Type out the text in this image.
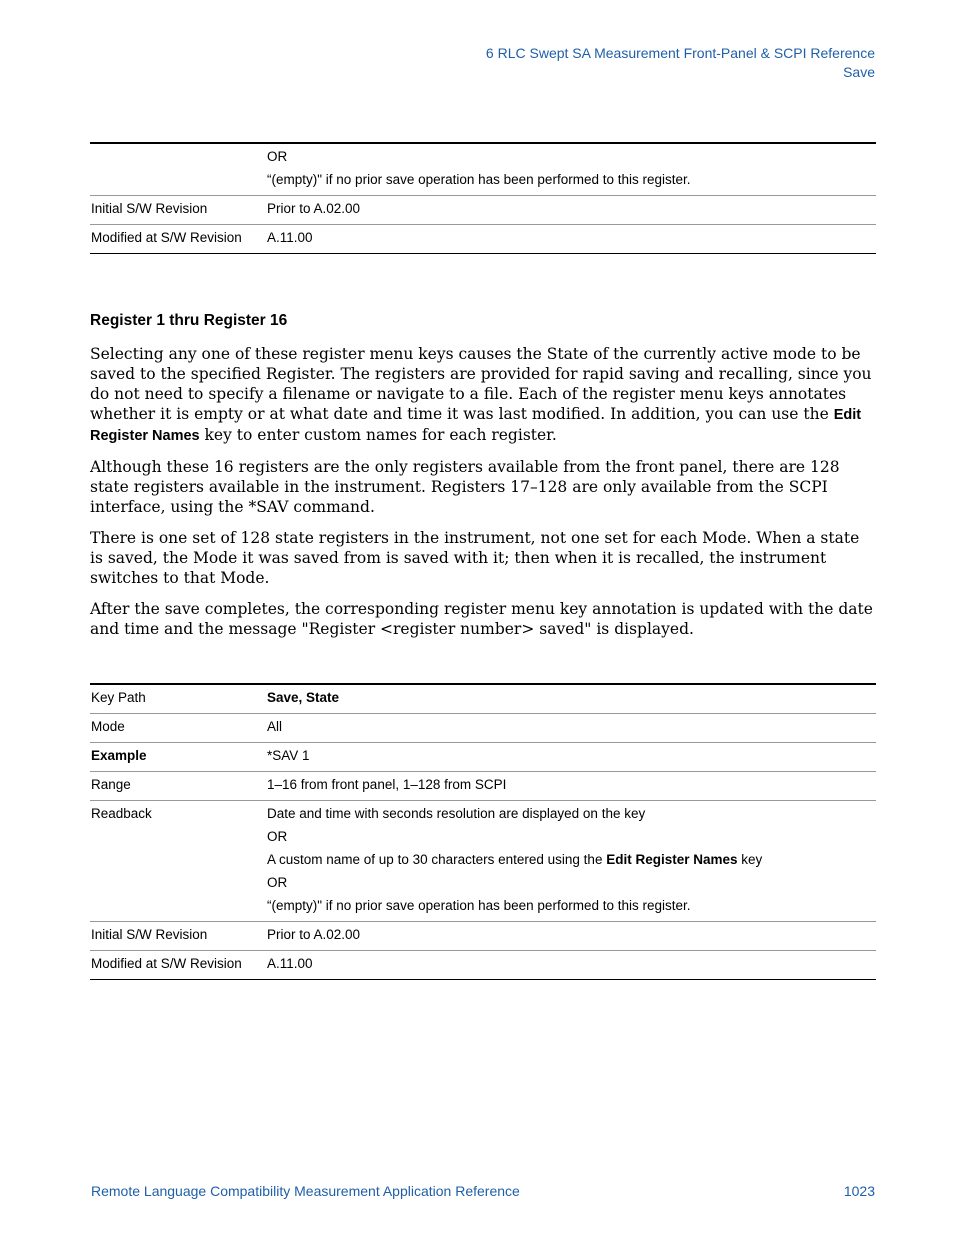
6 RLC Swept SA Measurement Front-Panel & SCPI Reference
Save
	OR
“(empty)" if no prior save operation has been performed to this register.

Initial S/W Revision	Prior to A.02.00
Modified at S/W Revision	A.11.00
Register 1 thru Register 16

Selecting any one of these register menu keys causes the State of the currently active mode to be saved to the specified Register. The registers are provided for rapid saving and recalling, since you do not need to specify a filename or navigate to a file. Each of the register menu keys annotates whether it is empty or at what date and time it was last modified. In addition, you can use the Edit Register Names key to enter custom names for each register.

Although these 16 registers are the only registers available from the front panel, there are 128 state registers available in the instrument. Registers 17–128 are only available from the SCPI interface, using the *SAV command.

There is one set of 128 state registers in the instrument, not one set for each Mode. When a state is saved, the Mode it was saved from is saved with it; then when it is recalled, the instrument switches to that Mode.

After the save completes, the corresponding register menu key annotation is updated with the date and time and the message "Register <register number> saved" is displayed.

Key Path	Save, State
Mode	All
Example	*SAV 1
Range	1–16 from front panel, 1–128 from SCPI
Readback	Date and time with seconds resolution are displayed on the key
OR
A custom name of up to 30 characters entered using the Edit Register Names key
OR
“(empty)" if no prior save operation has been performed to this register.

Initial S/W Revision	Prior to A.02.00
Modified at S/W Revision	A.11.00
Remote Language Compatibility Measurement Application Reference	1023
